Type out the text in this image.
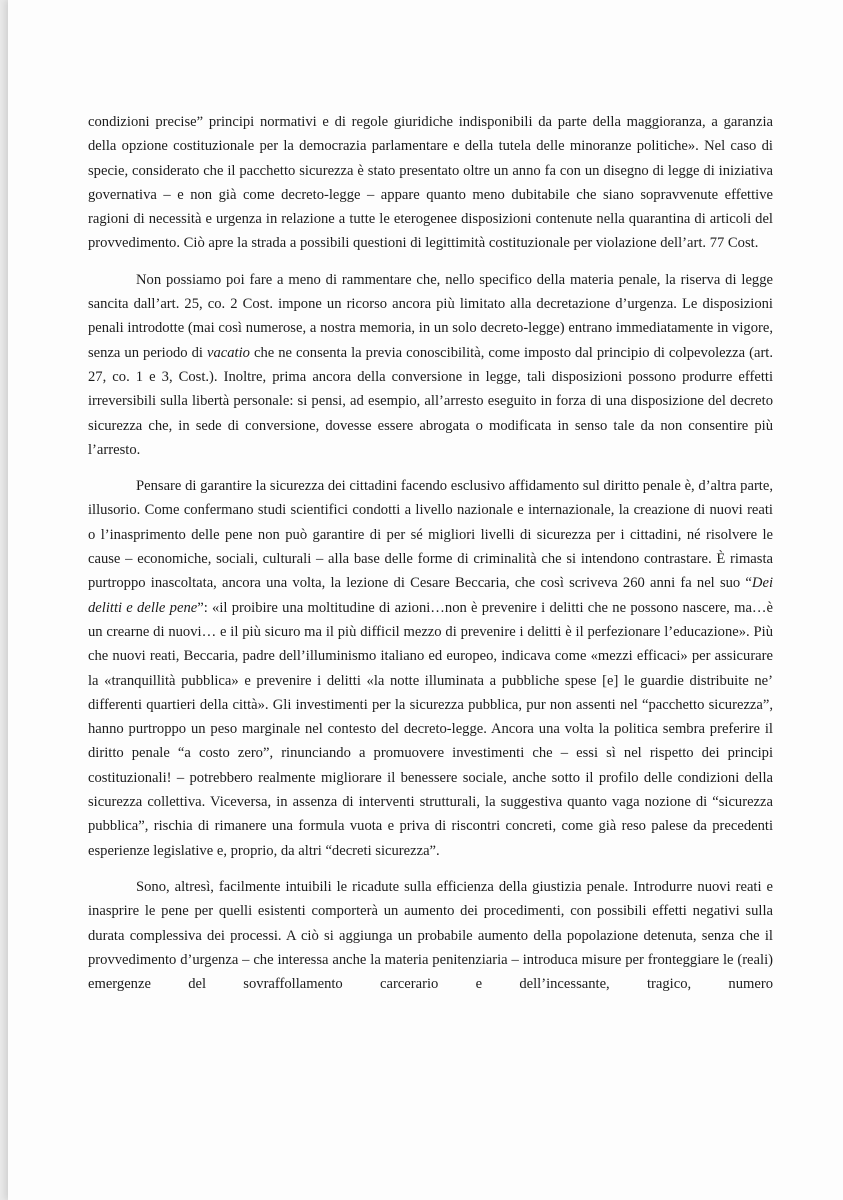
condizioni precise” principi normativi e di regole giuridiche indisponibili da parte della maggioranza, a garanzia della opzione costituzionale per la democrazia parlamentare e della tutela delle minoranze politiche». Nel caso di specie, considerato che il pacchetto sicurezza è stato presentato oltre un anno fa con un disegno di legge di iniziativa governativa – e non già come decreto-legge – appare quanto meno dubitabile che siano sopravvenute effettive ragioni di necessità e urgenza in relazione a tutte le eterogenee disposizioni contenute nella quarantina di articoli del provvedimento. Ciò apre la strada a possibili questioni di legittimità costituzionale per violazione dell’art. 77 Cost.

Non possiamo poi fare a meno di rammentare che, nello specifico della materia penale, la riserva di legge sancita dall’art. 25, co. 2 Cost. impone un ricorso ancora più limitato alla decretazione d’urgenza. Le disposizioni penali introdotte (mai così numerose, a nostra memoria, in un solo decreto-legge) entrano immediatamente in vigore, senza un periodo di vacatio che ne consenta la previa conoscibilità, come imposto dal principio di colpevolezza (art. 27, co. 1 e 3, Cost.). Inoltre, prima ancora della conversione in legge, tali disposizioni possono produrre effetti irreversibili sulla libertà personale: si pensi, ad esempio, all’arresto eseguito in forza di una disposizione del decreto sicurezza che, in sede di conversione, dovesse essere abrogata o modificata in senso tale da non consentire più l’arresto.

Pensare di garantire la sicurezza dei cittadini facendo esclusivo affidamento sul diritto penale è, d’altra parte, illusorio. Come confermano studi scientifici condotti a livello nazionale e internazionale, la creazione di nuovi reati o l’inasprimento delle pene non può garantire di per sé migliori livelli di sicurezza per i cittadini, né risolvere le cause – economiche, sociali, culturali – alla base delle forme di criminalità che si intendono contrastare. È rimasta purtroppo inascoltata, ancora una volta, la lezione di Cesare Beccaria, che così scriveva 260 anni fa nel suo “Dei delitti e delle pene”: «il proibire una moltitudine di azioni…non è prevenire i delitti che ne possono nascere, ma…è un crearne di nuovi… e il più sicuro ma il più difficil mezzo di prevenire i delitti è il perfezionare l’educazione». Più che nuovi reati, Beccaria, padre dell’illuminismo italiano ed europeo, indicava come «mezzi efficaci» per assicurare la «tranquillità pubblica» e prevenire i delitti «la notte illuminata a pubbliche spese [e] le guardie distribuite ne’ differenti quartieri della città». Gli investimenti per la sicurezza pubblica, pur non assenti nel “pacchetto sicurezza”, hanno purtroppo un peso marginale nel contesto del decreto-legge. Ancora una volta la politica sembra preferire il diritto penale “a costo zero”, rinunciando a promuovere investimenti che – essi sì nel rispetto dei principi costituzionali! – potrebbero realmente migliorare il benessere sociale, anche sotto il profilo delle condizioni della sicurezza collettiva. Viceversa, in assenza di interventi strutturali, la suggestiva quanto vaga nozione di “sicurezza pubblica”, rischia di rimanere una formula vuota e priva di riscontri concreti, come già reso palese da precedenti esperienze legislative e, proprio, da altri “decreti sicurezza”.

Sono, altresì, facilmente intuibili le ricadute sulla efficienza della giustizia penale. Introdurre nuovi reati e inasprire le pene per quelli esistenti comporterà un aumento dei procedimenti, con possibili effetti negativi sulla durata complessiva dei processi. A ciò si aggiunga un probabile aumento della popolazione detenuta, senza che il provvedimento d’urgenza – che interessa anche la materia penitenziaria – introduca misure per fronteggiare le (reali) emergenze del sovraffollamento carcerario e dell’incessante, tragico, numero
